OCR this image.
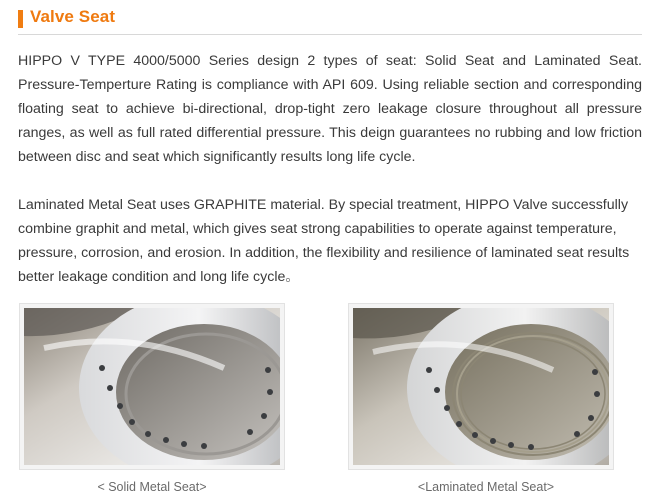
Valve Seat

HIPPO V TYPE 4000/5000 Series design 2 types of seat: Solid Seat and Laminated Seat. Pressure-Temperture Rating is compliance with API 609. Using reliable section and corresponding floating seat to achieve bi-directional, drop-tight zero leakage closure throughout all pressure ranges, as well as full rated differential pressure. This deign guarantees no rubbing and low friction between disc and seat which significantly results long life cycle.

Laminated Metal Seat uses GRAPHITE material. By special treatment, HIPPO Valve successfully combine graphit and metal, which gives seat strong capabilities to operate against temperature, pressure, corrosion, and erosion. In addition, the flexibility and resilience of laminated seat results better leakage condition and long life cycle。

< Solid Metal Seat>	<Laminated Metal Seat>
